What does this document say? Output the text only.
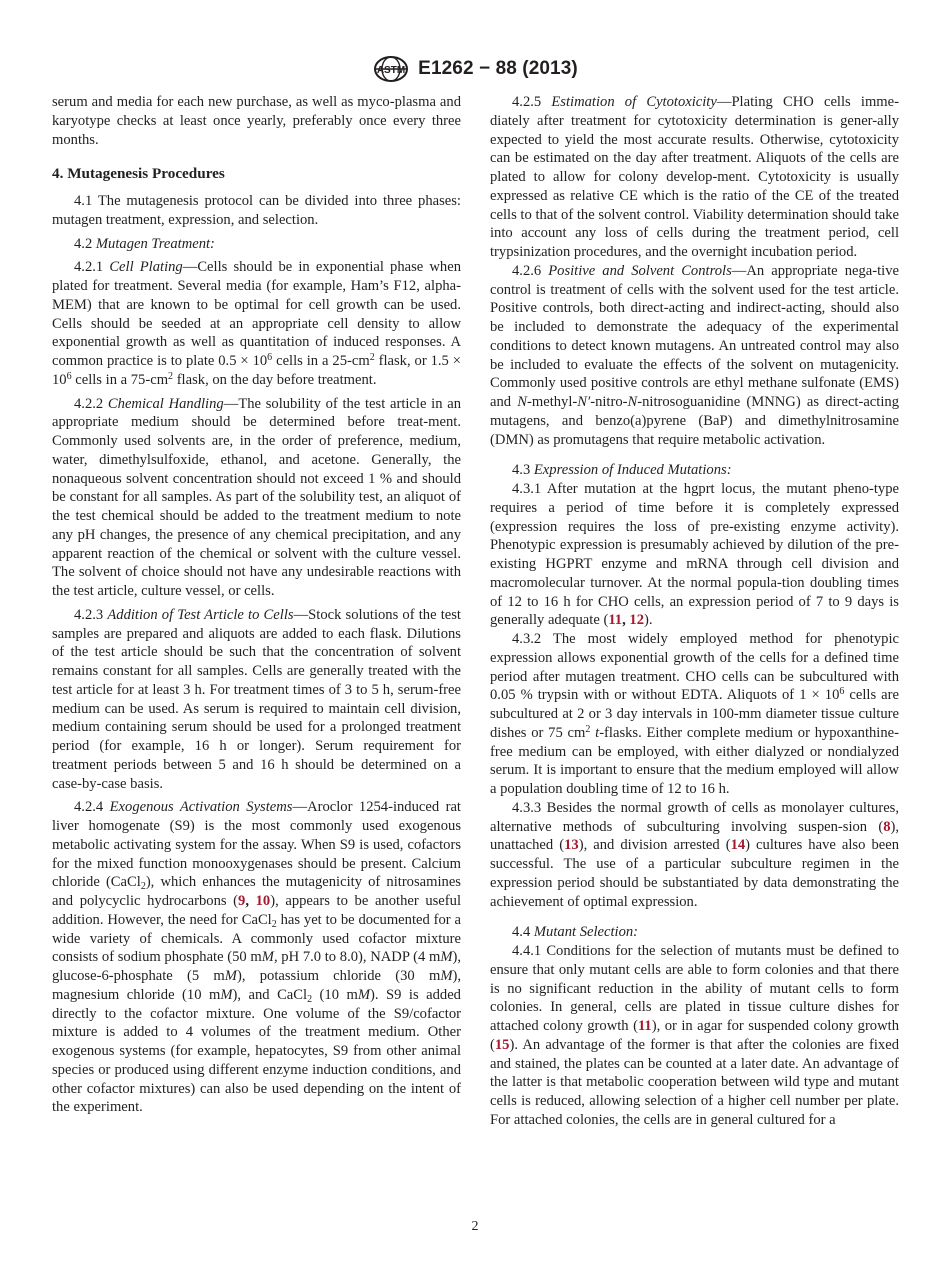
ASTM E1262 − 88 (2013)

serum and media for each new purchase, as well as myco-plasma and karyotype checks at least once yearly, preferably once every three months.

4. Mutagenesis Procedures

4.1 The mutagenesis protocol can be divided into three phases: mutagen treatment, expression, and selection.

4.2 Mutagen Treatment:

4.2.1 Cell Plating—Cells should be in exponential phase when plated for treatment. Several media (for example, Ham’s F12, alpha-MEM) that are known to be optimal for cell growth can be used. Cells should be seeded at an appropriate cell density to allow exponential growth as well as quantitation of induced responses. A common practice is to plate $0.5 \times 10^6$ cells in a $25-cm^2$ flask, or $1.5 \times 10^6$ cells in a $75-cm^2$ flask, on the day before treatment.

4.2.2 Chemical Handling—The solubility of the test article in an appropriate medium should be determined before treat-ment. Commonly used solvents are, in the order of preference, medium, water, dimethylsulfoxide, ethanol, and acetone. Generally, the nonaqueous solvent concentration should not exceed 1 % and should be constant for all samples. As part of the solubility test, an aliquot of the test chemical should be added to the treatment medium to note any pH changes, the presence of any chemical precipitation, and any apparent reaction of the chemical or solvent with the culture vessel. The solvent of choice should not have any undesirable reactions with the test article, culture vessel, or cells.

4.2.3 Addition of Test Article to Cells—Stock solutions of the test samples are prepared and aliquots are added to each flask. Dilutions of the test article should be such that the concentration of solvent remains constant for all samples. Cells are generally treated with the test article for at least 3 h. For treatment times of 3 to 5 h, serum-free medium can be used. As serum is required to maintain cell division, medium containing serum should be used for a prolonged treatment period (for example, 16 h or longer). Serum requirement for treatment periods between 5 and 16 h should be determined on a case-by-case basis.

4.2.4 Exogenous Activation Systems—Aroclor 1254-induced rat liver homogenate (S9) is the most commonly used exogenous metabolic activating system for the assay. When S9 is used, cofactors for the mixed function monooxygenases should be present. Calcium chloride (CaCl$_2$), which enhances the mutagenicity of nitrosamines and polycyclic hydrocarbons (9, 10), appears to be another useful addition. However, the need for CaCl$_2$ has yet to be documented for a wide variety of chemicals. A commonly used cofactor mixture consists of sodium phosphate (50 mM, pH 7.0 to 8.0), NADP (4 mM), glucose-6-phosphate (5 mM), potassium chloride (30 mM), magnesium chloride (10 mM), and CaCl$_2$ (10 mM). S9 is added directly to the cofactor mixture. One volume of the S9/cofactor mixture is added to 4 volumes of the treatment medium. Other exogenous systems (for example, hepatocytes, S9 from other animal species or produced using different enzyme induction conditions, and other cofactor mixtures) can also be used depending on the intent of the experiment.

4.2.5 Estimation of Cytotoxicity—Plating CHO cells imme-diately after treatment for cytotoxicity determination is gener-ally expected to yield the most accurate results. Otherwise, cytotoxicity can be estimated on the day after treatment. Aliquots of the cells are plated to allow for colony develop-ment. Cytotoxicity is usually expressed as relative CE which is the ratio of the CE of the treated cells to that of the solvent control. Viability determination should take into account any loss of cells during the treatment period, cell trypsinization procedures, and the overnight incubation period.

4.2.6 Positive and Solvent Controls—An appropriate nega-tive control is treatment of cells with the solvent used for the test article. Positive controls, both direct-acting and indirect-acting, should also be included to demonstrate the adequacy of the experimental conditions to detect known mutagens. An untreated control may also be included to evaluate the effects of the solvent on mutagenicity. Commonly used positive controls are ethyl methane sulfonate (EMS) and N-methyl-N′-nitro-N-nitrosoguanidine (MNNG) as direct-acting mutagens, and benzo(a)pyrene (BaP) and dimethylnitrosamine (DMN) as promutagens that require metabolic activation.

4.3 Expression of Induced Mutations:

4.3.1 After mutation at the hgprt locus, the mutant pheno-type requires a period of time before it is completely expressed (expression requires the loss of pre-existing enzyme activity). Phenotypic expression is presumably achieved by dilution of the pre-existing HGPRT enzyme and mRNA through cell division and macromolecular turnover. At the normal popula-tion doubling times of 12 to 16 h for CHO cells, an expression period of 7 to 9 days is generally adequate (11, 12).

4.3.2 The most widely employed method for phenotypic expression allows exponential growth of the cells for a defined time period after mutagen treatment. CHO cells can be subcultured with 0.05 % trypsin with or without EDTA. Aliquots of $1 \times 10^6$ cells are subcultured at 2 or 3 day intervals in 100-mm diameter tissue culture dishes or 75 $cm^2$ t-flasks. Either complete medium or hypoxanthine-free medium can be employed, with either dialyzed or nondialyzed serum. It is important to ensure that the medium employed will allow a population doubling time of 12 to 16 h.

4.3.3 Besides the normal growth of cells as monolayer cultures, alternative methods of subculturing involving suspen-sion (8), unattached (13), and division arrested (14) cultures have also been successful. The use of a particular subculture regimen in the expression period should be substantiated by data demonstrating the achievement of optimal expression.

4.4 Mutant Selection:

4.4.1 Conditions for the selection of mutants must be defined to ensure that only mutant cells are able to form colonies and that there is no significant reduction in the ability of mutant cells to form colonies. In general, cells are plated in tissue culture dishes for attached colony growth (11), or in agar for suspended colony growth (15). An advantage of the former is that after the colonies are fixed and stained, the plates can be counted at a later date. An advantage of the latter is that metabolic cooperation between wild type and mutant cells is reduced, allowing selection of a higher cell number per plate. For attached colonies, the cells are in general cultured for a

2
